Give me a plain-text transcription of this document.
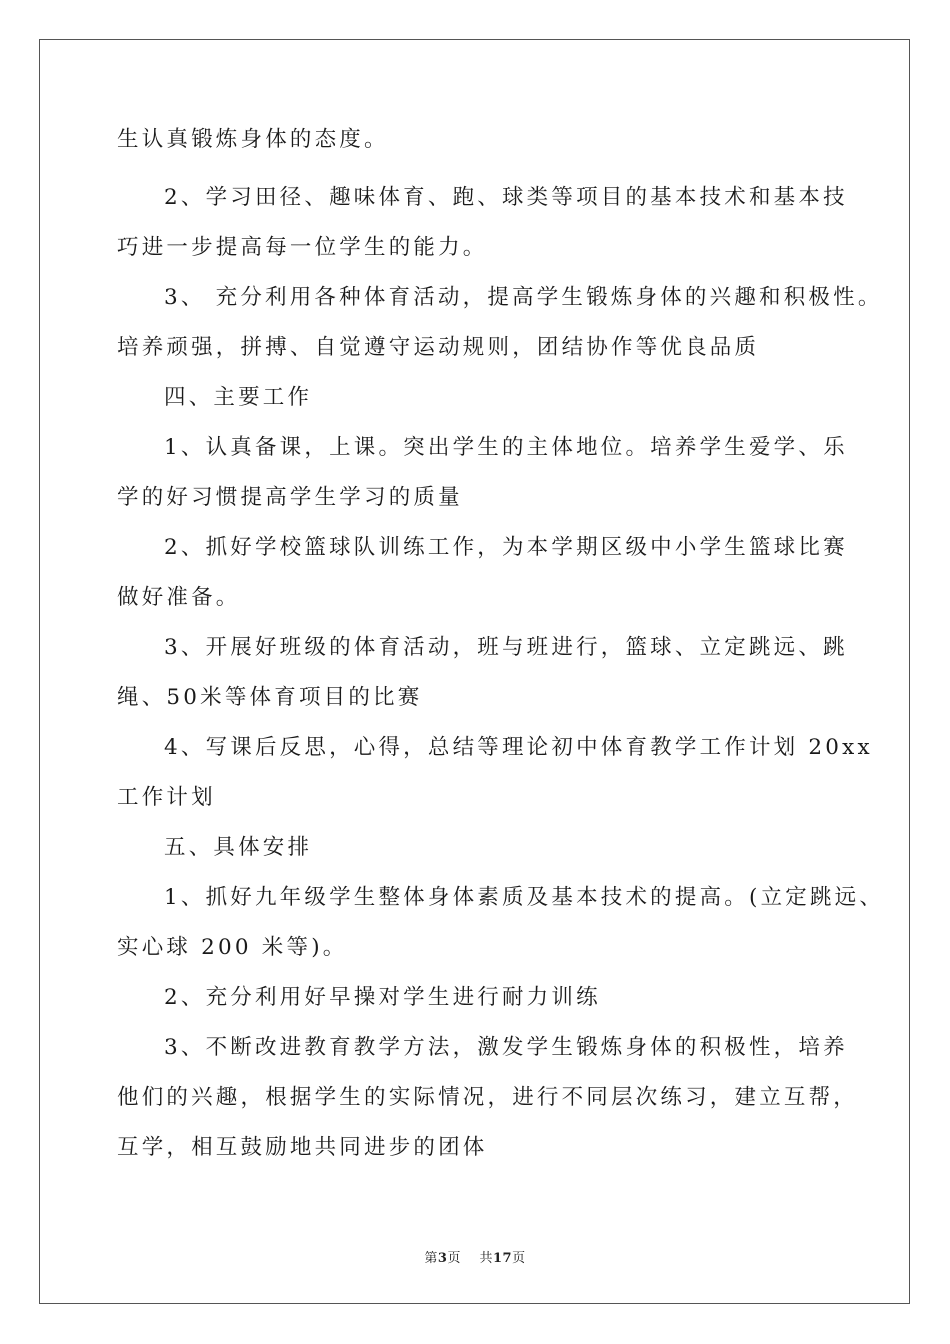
生认真锻炼身体的态度。
2、学习田径、趣味体育、跑、球类等项目的基本技术和基本技
巧进一步提高每一位学生的能力。
3、 充分利用各种体育活动，提高学生锻炼身体的兴趣和积极性。
培养顽强，拼搏、自觉遵守运动规则，团结协作等优良品质
四、主要工作
1、认真备课，上课。突出学生的主体地位。培养学生爱学、乐
学的好习惯提高学生学习的质量
2、抓好学校篮球队训练工作，为本学期区级中小学生篮球比赛
做好准备。
3、开展好班级的体育活动，班与班进行，篮球、立定跳远、跳
绳、50米等体育项目的比赛
4、写课后反思，心得，总结等理论初中体育教学工作计划 20xx
工作计划
五、具体安排
1、抓好九年级学生整体身体素质及基本技术的提高。(立定跳远、
实心球 200 米等)。
2、充分利用好早操对学生进行耐力训练
3、不断改进教育教学方法，激发学生锻炼身体的积极性，培养
他们的兴趣，根据学生的实际情况，进行不同层次练习，建立互帮，
互学，相互鼓励地共同进步的团体
第3页 共17页
